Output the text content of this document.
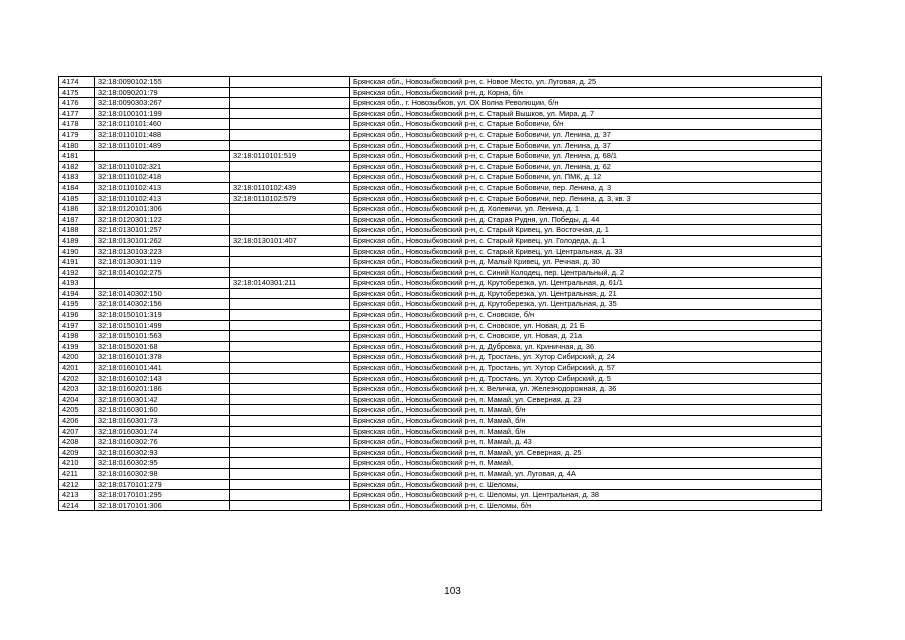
4174	32:18:0090102:155		Брянская обл., Новозыбковский р-н, с. Новое Место, ул. Луговая, д. 25
4175	32:18:0090201:79		Брянская обл., Новозыбковский р-н, д. Корна, б/н
4176	32:18:0090303:267		Брянская обл., г. Новозыбков, ул. ОХ Волна Революции, б/н
4177	32:18:0100101:199		Брянская обл., Новозыбковский р-н, с. Старый Вышков, ул. Мира, д. 7
4178	32:18:0110101:460		Брянская обл., Новозыбковский р-н, с. Старые Бобовичи, б/н
4179	32:18:0110101:488		Брянская обл., Новозыбковский р-н, с. Старые Бобовичи, ул. Ленина, д. 37
4180	32:18:0110101:489		Брянская обл., Новозыбковский р-н, с. Старые Бобовичи, ул. Ленина, д. 37
4181		32:18:0110101:519	Брянская обл., Новозыбковский р-н, с. Старые Бобовичи, ул. Ленина, д. 68/1
4182	32:18:0110102:321		Брянская обл., Новозыбковский р-н, с. Старые Бобовичи, ул. Ленина, д. 62
4183	32:18:0110102:418		Брянская обл., Новозыбковский р-н, с. Старые Бобовичи, ул. ПМК, д. 12
4184	32:18:0110102:413	32:18:0110102:439	Брянская обл., Новозыбковский р-н, с. Старые Бобовичи, пер. Ленина, д. 3
4185	32:18:0110102:413	32:18:0110102:579	Брянская обл., Новозыбковский р-н, с. Старые Бобовичи, пер. Ленина, д. 3, кв. 3
4186	32:18:0120101:306		Брянская обл., Новозыбковский р-н, д. Холевичи, ул. Ленина, д. 1
4187	32:18:0120301:122		Брянская обл., Новозыбковский р-н, д. Старая Рудня, ул. Победы, д. 44
4188	32:18:0130101:257		Брянская обл., Новозыбковский р-н, с. Старый Кривец, ул. Восточная, д. 1
4189	32:18:0130101:262	32:18:0130101:407	Брянская обл., Новозыбковский р-н, с. Старый Кривец, ул. Голодеда, д. 1
4190	32:18:0130103:223		Брянская обл., Новозыбковский р-н, с. Старый Кривец, ул. Центральная, д. 33
4191	32:18:0130301:119		Брянская обл., Новозыбковский р-н, д. Малый Кривец, ул. Речная, д. 30
4192	32:18:0140102:275		Брянская обл., Новозыбковский р-н, с. Синий Колодец, пер. Центральный, д. 2
4193		32:18:0140301:211	Брянская обл., Новозыбковский р-н, д. Крутоберезка, ул. Центральная, д. 61/1
4194	32:18:0140302:150		Брянская обл., Новозыбковский р-н, д. Крутоберезка, ул. Центральная, д. 21
4195	32:18:0140302:156		Брянская обл., Новозыбковский р-н, д. Крутоберезка, ул. Центральная, д. 35
4196	32:18:0150101:319		Брянская обл., Новозыбковский р-н, с. Сновское, б/н
4197	32:18:0150101:499		Брянская обл., Новозыбковский р-н, с. Сновское, ул. Новая, д. 21 Б
4198	32:18:0150101:563		Брянская обл., Новозыбковский р-н, с. Сновское, ул. Новая, д. 21а
4199	32:18:0150201:68		Брянская обл., Новозыбковский р-н, д. Дубровка, ул. Криничная, д. 36
4200	32:18:0160101:378		Брянская обл., Новозыбковский р-н, д. Тростань, ул. Хутор Сибирский, д. 24
4201	32:18:0160101:441		Брянская обл., Новозыбковский р-н, д. Тростань, ул. Хутор Сибирский, д. 57
4202	32:18:0160102:143		Брянская обл., Новозыбковский р-н, д. Тростань, ул. Хутор Сибирский, д. 5
4203	32:18:0160201:186		Брянская обл., Новозыбковский р-н, х. Величка, ул. Железнодорожная, д. 36
4204	32:18:0160301:42		Брянская обл., Новозыбковский р-н, п. Мамай, ул. Северная, д. 23
4205	32:18:0160301:60		Брянская обл., Новозыбковский р-н, п. Мамай, б/н
4206	32:18:0160301:73		Брянская обл., Новозыбковский р-н, п. Мамай, б/н
4207	32:18:0160301:74		Брянская обл., Новозыбковский р-н, п. Мамай, б/н
4208	32:18:0160302:76		Брянская обл., Новозыбковский р-н, п. Мамай, д. 43
4209	32:18:0160302:93		Брянская обл., Новозыбковский р-н, п. Мамай, ул. Северная, д. 25
4210	32:18:0160302:95		Брянская обл., Новозыбковский р-н, п. Мамай,
4211	32:18:0160302:98		Брянская обл., Новозыбковский р-н, п. Мамай, ул. Луговая, д. 4А
4212	32:18:0170101:279		Брянская обл., Новозыбковский р-н, с. Шеломы,
4213	32:18:0170101:295		Брянская обл., Новозыбковский р-н, с. Шеломы, ул. Центральная, д. 38
4214	32:18:0170101:306		Брянская обл., Новозыбковский р-н, с. Шеломы, б/н
103
